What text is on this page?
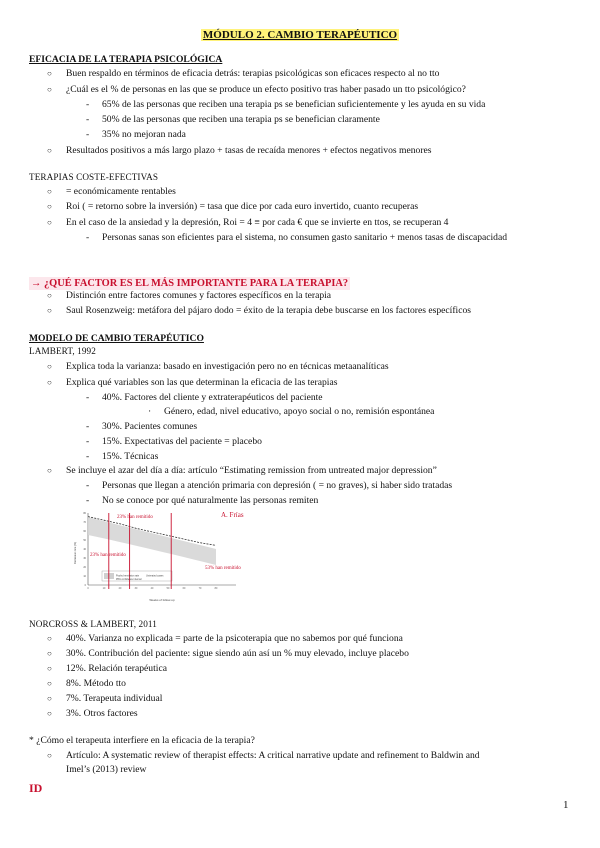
MÓDULO 2. CAMBIO TERAPÉUTICO
EFICACIA DE LA TERAPIA PSICOLÓGICA
○ Buen respaldo en términos de eficacia detrás: terapias psicológicas son eficaces respecto al no tto
○ ¿Cuál es el % de personas en las que se produce un efecto positivo tras haber pasado un tto psicológico?
- 65% de las personas que reciben una terapia ps se benefician suficientemente y les ayuda en su vida
- 50% de las personas que reciben una terapia ps se benefician claramente
- 35% no mejoran nada
○ Resultados positivos a más largo plazo + tasas de recaída menores + efectos negativos menores
TERAPIAS COSTE-EFECTIVAS
○ = económicamente rentables
○ Roi ( = retorno sobre la inversión) = tasa que dice por cada euro invertido, cuanto recuperas
○ En el caso de la ansiedad y la depresión, Roi = 4 ≡ por cada € que se invierte en ttos, se recuperan 4
- Personas sanas son eficientes para el sistema, no consumen gasto sanitario + menos tasas de discapacidad
→ ¿QUÉ FACTOR ES EL MÁS IMPORTANTE PARA LA TERAPIA?
○ Distinción entre factores comunes y factores específicos en la terapia
○ Saul Rosenzweig: metáfora del pájaro dodo = éxito de la terapia debe buscarse en los factores específicos
MODELO DE CAMBIO TERAPÉUTICO
LAMBERT, 1992
○ Explica toda la varianza: basado en investigación pero no en técnicas metaanalíticas
○ Explica qué variables son las que determinan la eficacia de las terapias
- 40%. Factores del cliente y extraterapéuticos del paciente
· Género, edad, nivel educativo, apoyo social o no, remisión espontánea
- 30%. Pacientes comunes
- 15%. Expectativas del paciente = placebo
- 15%. Técnicas
○ Se incluye el azar del día a día: artículo “Estimating remission from untreated major depression”
- Personas que llegan a atención primaria con depresión ( = no graves), si haber sido tratadas
- No se conoce por qué naturalmente las personas remiten
80
70
60
50
40
30
20
10
0
0	10	20	30	40	50	60	70	80
Remission rate (%)
Weeks of follow-up
Pooled remission rate
95% confidence interval
Untreated cases
23% han remitido	A. Frías
23% han remitido
53% han remitido
NORCROSS & LAMBERT, 2011
○ 40%. Varianza no explicada = parte de la psicoterapia que no sabemos por qué funciona
○ 30%. Contribución del paciente: sigue siendo aún así un % muy elevado, incluye placebo
○ 12%. Relación terapéutica
○ 8%. Método tto
○ 7%. Terapeuta individual
○ 3%. Otros factores
* ¿Cómo el terapeuta interfiere en la eficacia de la terapia?
○ Artículo: A systematic review of therapist effects: A critical narrative update and refinement to Baldwin and
Imel’s (2013) review
ID
1
